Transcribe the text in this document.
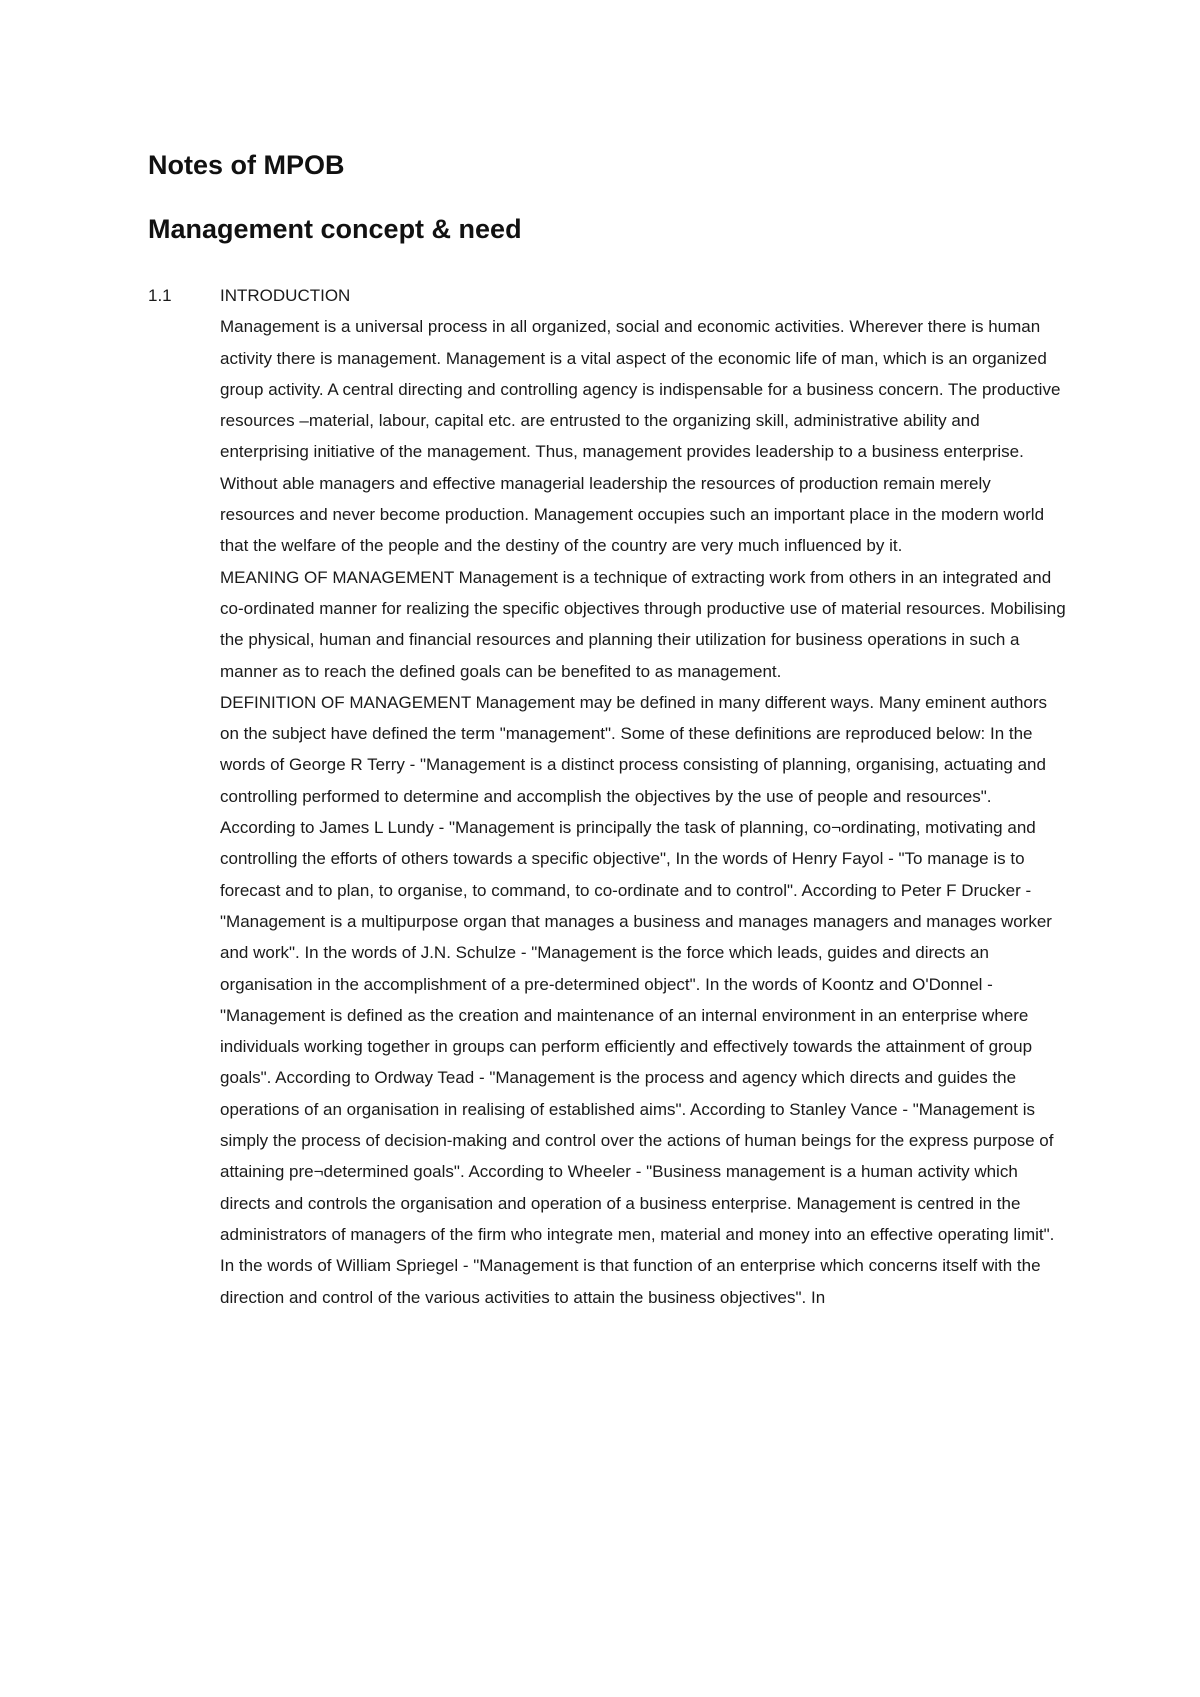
Notes of MPOB
Management concept & need
1.1	INTRODUCTION

Management is a universal process in all organized, social and economic activities. Wherever there is human activity there is management. Management is a vital aspect of the economic life of man, which is an organized group activity. A central directing and controlling agency is indispensable for a business concern. The productive resources –material, labour, capital etc. are entrusted to the organizing skill, administrative ability and enterprising initiative of the management. Thus, management provides leadership to a business enterprise. Without able managers and effective managerial leadership the resources of production remain merely resources and never become production. Management occupies such an important place in the modern world that the welfare of the people and the destiny of the country are very much influenced by it.

MEANING OF MANAGEMENT Management is a technique of extracting work from others in an integrated and co-ordinated manner for realizing the specific objectives through productive use of material resources. Mobilising the physical, human and financial resources and planning their utilization for business operations in such a manner as to reach the defined goals can be benefited to as management.

DEFINITION OF MANAGEMENT Management may be defined in many different ways. Many eminent authors on the subject have defined the term "management". Some of these definitions are reproduced below: In the words of George R Terry - "Management is a distinct process consisting of planning, organising, actuating and controlling performed to determine and accomplish the objectives by the use of people and resources". According to James L Lundy - "Management is principally the task of planning, co¬ordinating, motivating and controlling the efforts of others towards a specific objective", In the words of Henry Fayol - "To manage is to forecast and to plan, to organise, to command, to co-ordinate and to control". According to Peter F Drucker - "Management is a multipurpose organ that manages a business and manages managers and manages worker and work". In the words of J.N. Schulze - "Management is the force which leads, guides and directs an organisation in the accomplishment of a pre-determined object". In the words of Koontz and O'Donnel - "Management is defined as the creation and maintenance of an internal environment in an enterprise where individuals working together in groups can perform efficiently and effectively towards the attainment of group goals". According to Ordway Tead - "Management is the process and agency which directs and guides the operations of an organisation in realising of established aims". According to Stanley Vance - "Management is simply the process of decision-making and control over the actions of human beings for the express purpose of attaining pre¬determined goals". According to Wheeler - "Business management is a human activity which directs and controls the organisation and operation of a business enterprise. Management is centred in the administrators of managers of the firm who integrate men, material and money into an effective operating limit". In the words of William Spriegel - "Management is that function of an enterprise which concerns itself with the direction and control of the various activities to attain the business objectives". In
